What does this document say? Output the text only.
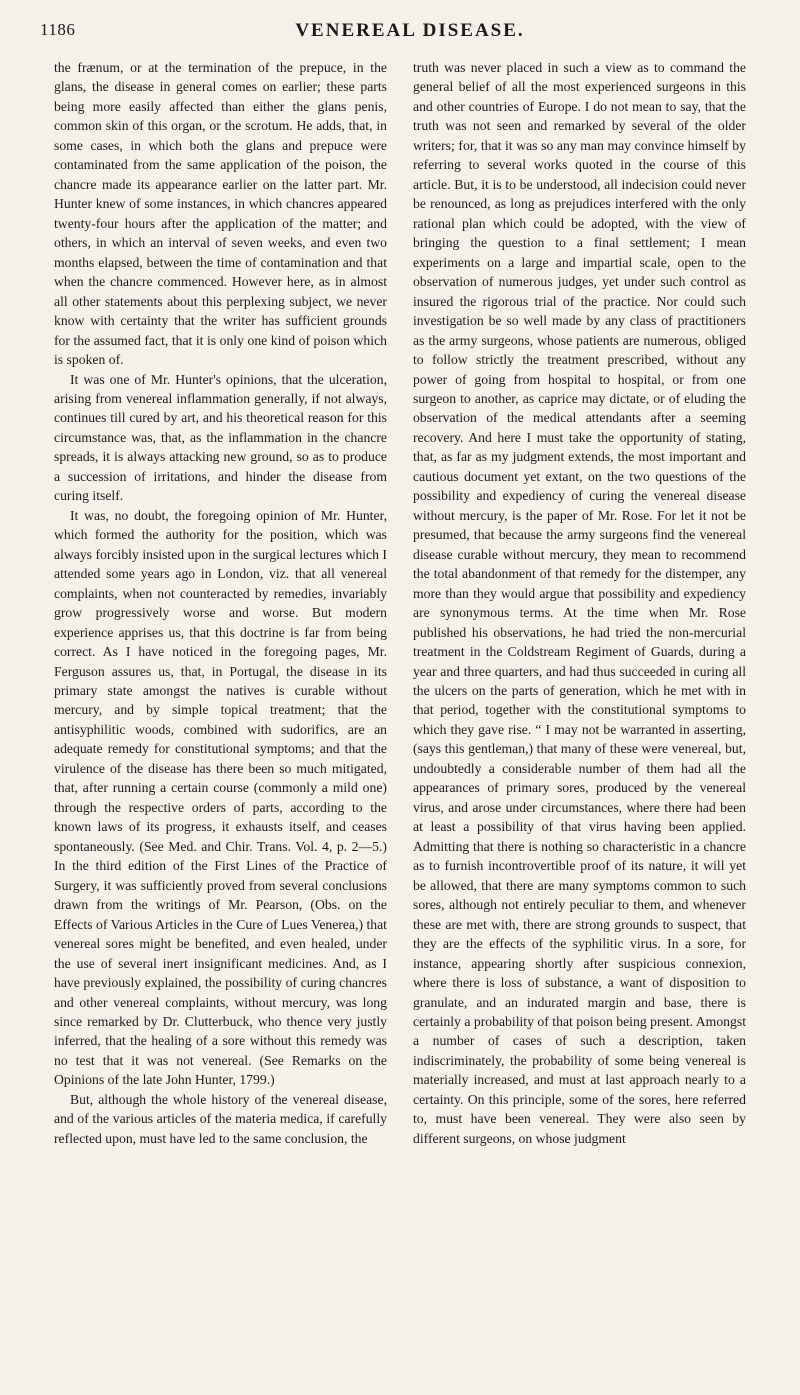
1186	VENEREAL DISEASE.

the frænum, or at the termination of the prepuce, in the glans, the disease in general comes on earlier; these parts being more easily affected than either the glans penis, common skin of this organ, or the scrotum. He adds, that, in some cases, in which both the glans and prepuce were contaminated from the same application of the poison, the chancre made its appearance earlier on the latter part. Mr. Hunter knew of some instances, in which chancres appeared twenty-four hours after the application of the matter; and others, in which an interval of seven weeks, and even two months elapsed, between the time of contamination and that when the chancre commenced. However here, as in almost all other statements about this perplexing subject, we never know with certainty that the writer has sufficient grounds for the assumed fact, that it is only one kind of poison which is spoken of.

It was one of Mr. Hunter's opinions, that the ulceration, arising from venereal inflammation generally, if not always, continues till cured by art, and his theoretical reason for this circumstance was, that, as the inflammation in the chancre spreads, it is always attacking new ground, so as to produce a succession of irritations, and hinder the disease from curing itself.

It was, no doubt, the foregoing opinion of Mr. Hunter, which formed the authority for the position, which was always forcibly insisted upon in the surgical lectures which I attended some years ago in London, viz. that all venereal complaints, when not counteracted by remedies, invariably grow progressively worse and worse. But modern experience apprises us, that this doctrine is far from being correct. As I have noticed in the foregoing pages, Mr. Ferguson assures us, that, in Portugal, the disease in its primary state amongst the natives is curable without mercury, and by simple topical treatment; that the antisyphilitic woods, combined with sudorifics, are an adequate remedy for constitutional symptoms; and that the virulence of the disease has there been so much mitigated, that, after running a certain course (commonly a mild one) through the respective orders of parts, according to the known laws of its progress, it exhausts itself, and ceases spontaneously. (See Med. and Chir. Trans. Vol. 4, p. 2—5.) In the third edition of the First Lines of the Practice of Surgery, it was sufficiently proved from several conclusions drawn from the writings of Mr. Pearson, (Obs. on the Effects of Various Articles in the Cure of Lues Venerea,) that venereal sores might be benefited, and even healed, under the use of several inert insignificant medicines. And, as I have previously explained, the possibility of curing chancres and other venereal complaints, without mercury, was long since remarked by Dr. Clutterbuck, who thence very justly inferred, that the healing of a sore without this remedy was no test that it was not venereal. (See Remarks on the Opinions of the late John Hunter, 1799.)

But, although the whole history of the venereal disease, and of the various articles of the materia medica, if carefully reflected upon, must have led to the same conclusion, the

truth was never placed in such a view as to command the general belief of all the most experienced surgeons in this and other countries of Europe. I do not mean to say, that the truth was not seen and remarked by several of the older writers; for, that it was so any man may convince himself by referring to several works quoted in the course of this article. But, it is to be understood, all indecision could never be renounced, as long as prejudices interfered with the only rational plan which could be adopted, with the view of bringing the question to a final settlement; I mean experiments on a large and impartial scale, open to the observation of numerous judges, yet under such control as insured the rigorous trial of the practice. Nor could such investigation be so well made by any class of practitioners as the army surgeons, whose patients are numerous, obliged to follow strictly the treatment prescribed, without any power of going from hospital to hospital, or from one surgeon to another, as caprice may dictate, or of eluding the observation of the medical attendants after a seeming recovery. And here I must take the opportunity of stating, that, as far as my judgment extends, the most important and cautious document yet extant, on the two questions of the possibility and expediency of curing the venereal disease without mercury, is the paper of Mr. Rose. For let it not be presumed, that because the army surgeons find the venereal disease curable without mercury, they mean to recommend the total abandonment of that remedy for the distemper, any more than they would argue that possibility and expediency are synonymous terms. At the time when Mr. Rose published his observations, he had tried the non-mercurial treatment in the Coldstream Regiment of Guards, during a year and three quarters, and had thus succeeded in curing all the ulcers on the parts of generation, which he met with in that period, together with the constitutional symptoms to which they gave rise. “ I may not be warranted in asserting, (says this gentleman,) that many of these were venereal, but, undoubtedly a considerable number of them had all the appearances of primary sores, produced by the venereal virus, and arose under circumstances, where there had been at least a possibility of that virus having been applied. Admitting that there is nothing so characteristic in a chancre as to furnish incontrovertible proof of its nature, it will yet be allowed, that there are many symptoms common to such sores, although not entirely peculiar to them, and whenever these are met with, there are strong grounds to suspect, that they are the effects of the syphilitic virus. In a sore, for instance, appearing shortly after suspicious connexion, where there is loss of substance, a want of disposition to granulate, and an indurated margin and base, there is certainly a probability of that poison being present. Amongst a number of cases of such a description, taken indiscriminately, the probability of some being venereal is materially increased, and must at last approach nearly to a certainty. On this principle, some of the sores, here referred to, must have been venereal. They were also seen by different surgeons, on whose judgment
